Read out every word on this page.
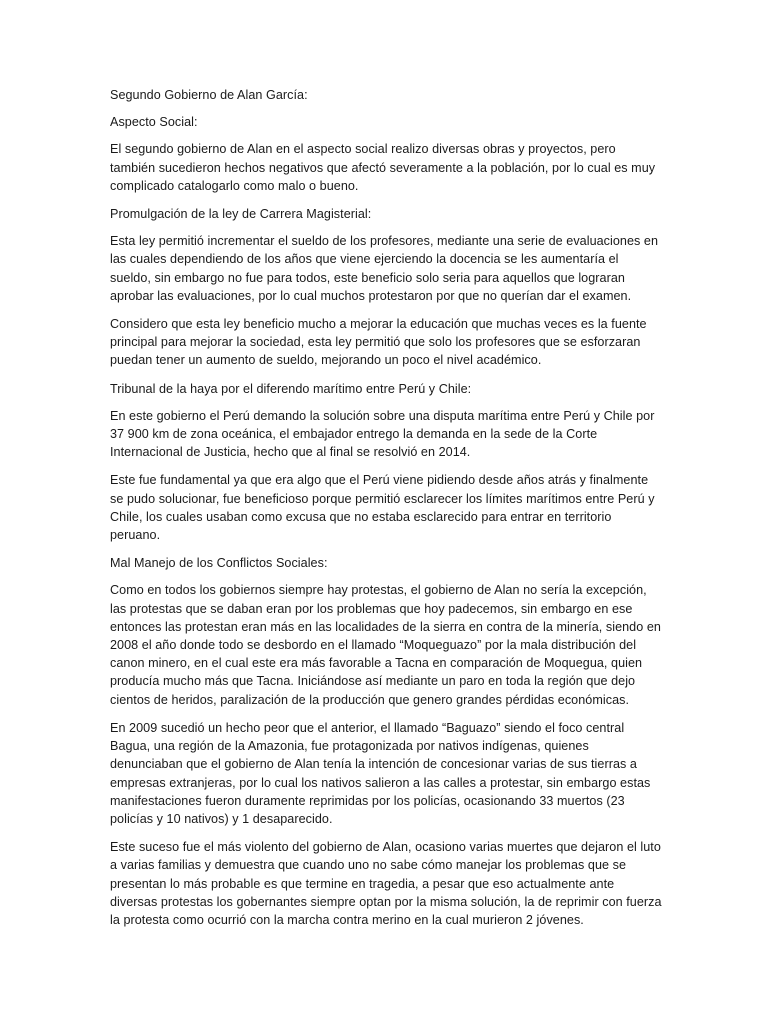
Segundo Gobierno de Alan García:

Aspecto Social:

El segundo gobierno de Alan en el aspecto social realizo diversas obras y proyectos, pero también sucedieron hechos negativos que afectó severamente a la población, por lo cual es muy complicado catalogarlo como malo o bueno.

Promulgación de la ley de Carrera Magisterial:

Esta ley permitió incrementar el sueldo de los profesores, mediante una serie de evaluaciones en las cuales dependiendo de los años que viene ejerciendo la docencia se les aumentaría el sueldo, sin embargo no fue para todos, este beneficio solo seria para aquellos que lograran aprobar las evaluaciones, por lo cual muchos protestaron por que no querían dar el examen.

Considero que esta ley beneficio mucho a mejorar la educación que muchas veces es la fuente principal para mejorar la sociedad, esta ley permitió que solo los profesores que se esforzaran puedan tener un aumento de sueldo, mejorando un poco el nivel académico.

Tribunal de la haya por el diferendo marítimo entre Perú y Chile:

En este gobierno el Perú demando la solución sobre una disputa marítima entre Perú y Chile por 37 900 km de zona oceánica, el embajador entrego la demanda en la sede de la Corte Internacional de Justicia, hecho que al final se resolvió en 2014.

Este fue fundamental ya que era algo que el Perú viene pidiendo desde años atrás y finalmente se pudo solucionar, fue beneficioso porque permitió esclarecer los límites marítimos entre Perú y Chile, los cuales usaban como excusa que no estaba esclarecido para entrar en territorio peruano.

Mal Manejo de los Conflictos Sociales:

Como en todos los gobiernos siempre hay protestas, el gobierno de Alan no sería la excepción, las protestas que se daban eran por los problemas que hoy padecemos, sin embargo en ese entonces las protestan eran más en las localidades de la sierra en contra de la minería, siendo en 2008 el año donde todo se desbordo en el llamado “Moqueguazo” por la mala distribución del canon minero, en el cual este era más favorable a Tacna en comparación de Moquegua, quien producía mucho más que Tacna. Iniciándose así mediante un paro en toda la región que dejo cientos de heridos, paralización de la producción que genero grandes pérdidas económicas.

En 2009 sucedió un hecho peor que el anterior, el llamado “Baguazo” siendo el foco central Bagua, una región de la Amazonia, fue protagonizada por nativos indígenas, quienes denunciaban que el gobierno de Alan tenía la intención de concesionar varias de sus tierras a empresas extranjeras, por lo cual los nativos salieron a las calles a protestar, sin embargo estas manifestaciones fueron duramente reprimidas por los policías, ocasionando 33 muertos (23 policías y 10 nativos) y 1 desaparecido.

Este suceso fue el más violento del gobierno de Alan, ocasiono varias muertes que dejaron el luto a varias familias y demuestra que cuando uno no sabe cómo manejar los problemas que se presentan lo más probable es que termine en tragedia, a pesar que eso actualmente ante diversas protestas los gobernantes siempre optan por la misma solución, la de reprimir con fuerza la protesta como ocurrió con la marcha contra merino en la cual murieron 2 jóvenes.
